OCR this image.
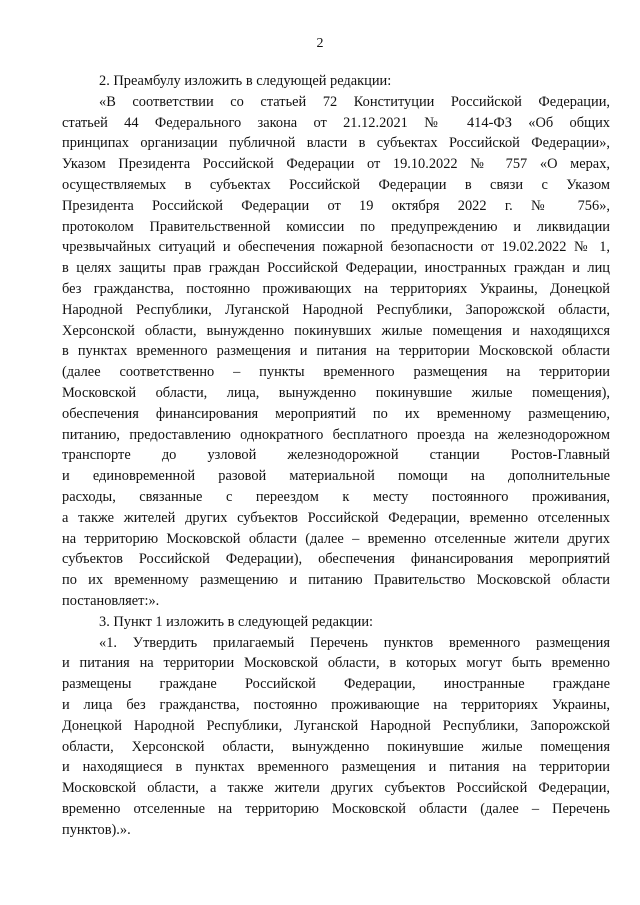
2
2. Преамбулу изложить в следующей редакции:
«В соответствии со статьей 72 Конституции Российской Федерации,
статьей 44 Федерального закона от 21.12.2021 № 414-ФЗ «Об общих
принципах организации публичной власти в субъектах Российской Федерации»,
Указом Президента Российской Федерации от 19.10.2022 № 757 «О мерах,
осуществляемых в субъектах Российской Федерации в связи с Указом
Президента Российской Федерации от 19 октября 2022 г. № 756»,
протоколом Правительственной комиссии по предупреждению и ликвидации
чрезвычайных ситуаций и обеспечения пожарной безопасности от 19.02.2022 № 1,
в целях защиты прав граждан Российской Федерации, иностранных граждан и лиц
без гражданства, постоянно проживающих на территориях Украины, Донецкой
Народной Республики, Луганской Народной Республики, Запорожской области,
Херсонской области, вынужденно покинувших жилые помещения и находящихся
в пунктах временного размещения и питания на территории Московской области
(далее соответственно – пункты временного размещения на территории
Московской области, лица, вынужденно покинувшие жилые помещения),
обеспечения финансирования мероприятий по их временному размещению,
питанию, предоставлению однократного бесплатного проезда на железнодорожном
транспорте до узловой железнодорожной станции Ростов-Главный
и единовременной разовой материальной помощи на дополнительные
расходы, связанные с переездом к месту постоянного проживания,
а также жителей других субъектов Российской Федерации, временно отселенных
на территорию Московской области (далее – временно отселенные жители других
субъектов Российской Федерации), обеспечения финансирования мероприятий
по их временному размещению и питанию Правительство Московской области
постановляет:».
3. Пункт 1 изложить в следующей редакции:
«1. Утвердить прилагаемый Перечень пунктов временного размещения
и питания на территории Московской области, в которых могут быть временно
размещены граждане Российской Федерации, иностранные граждане
и лица без гражданства, постоянно проживающие на территориях Украины,
Донецкой Народной Республики, Луганской Народной Республики, Запорожской
области, Херсонской области, вынужденно покинувшие жилые помещения
и находящиеся в пунктах временного размещения и питания на территории
Московской области, а также жители других субъектов Российской Федерации,
временно отселенные на территорию Московской области (далее – Перечень
пунктов).».
